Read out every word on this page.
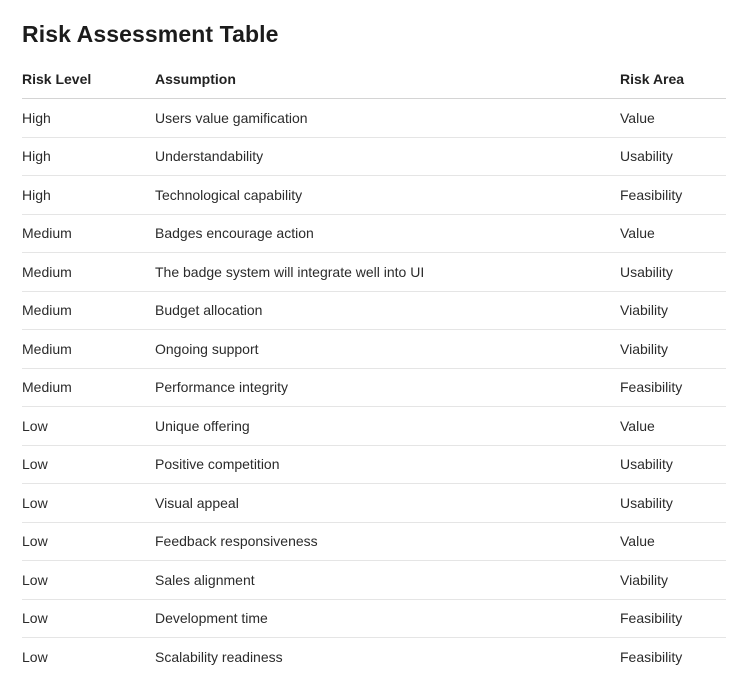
Risk Assessment Table
Risk Level	Assumption	Risk Area
High	Users value gamification	Value
High	Understandability	Usability
High	Technological capability	Feasibility
Medium	Badges encourage action	Value
Medium	The badge system will integrate well into UI	Usability
Medium	Budget allocation	Viability
Medium	Ongoing support	Viability
Medium	Performance integrity	Feasibility
Low	Unique offering	Value
Low	Positive competition	Usability
Low	Visual appeal	Usability
Low	Feedback responsiveness	Value
Low	Sales alignment	Viability
Low	Development time	Feasibility
Low	Scalability readiness	Feasibility
